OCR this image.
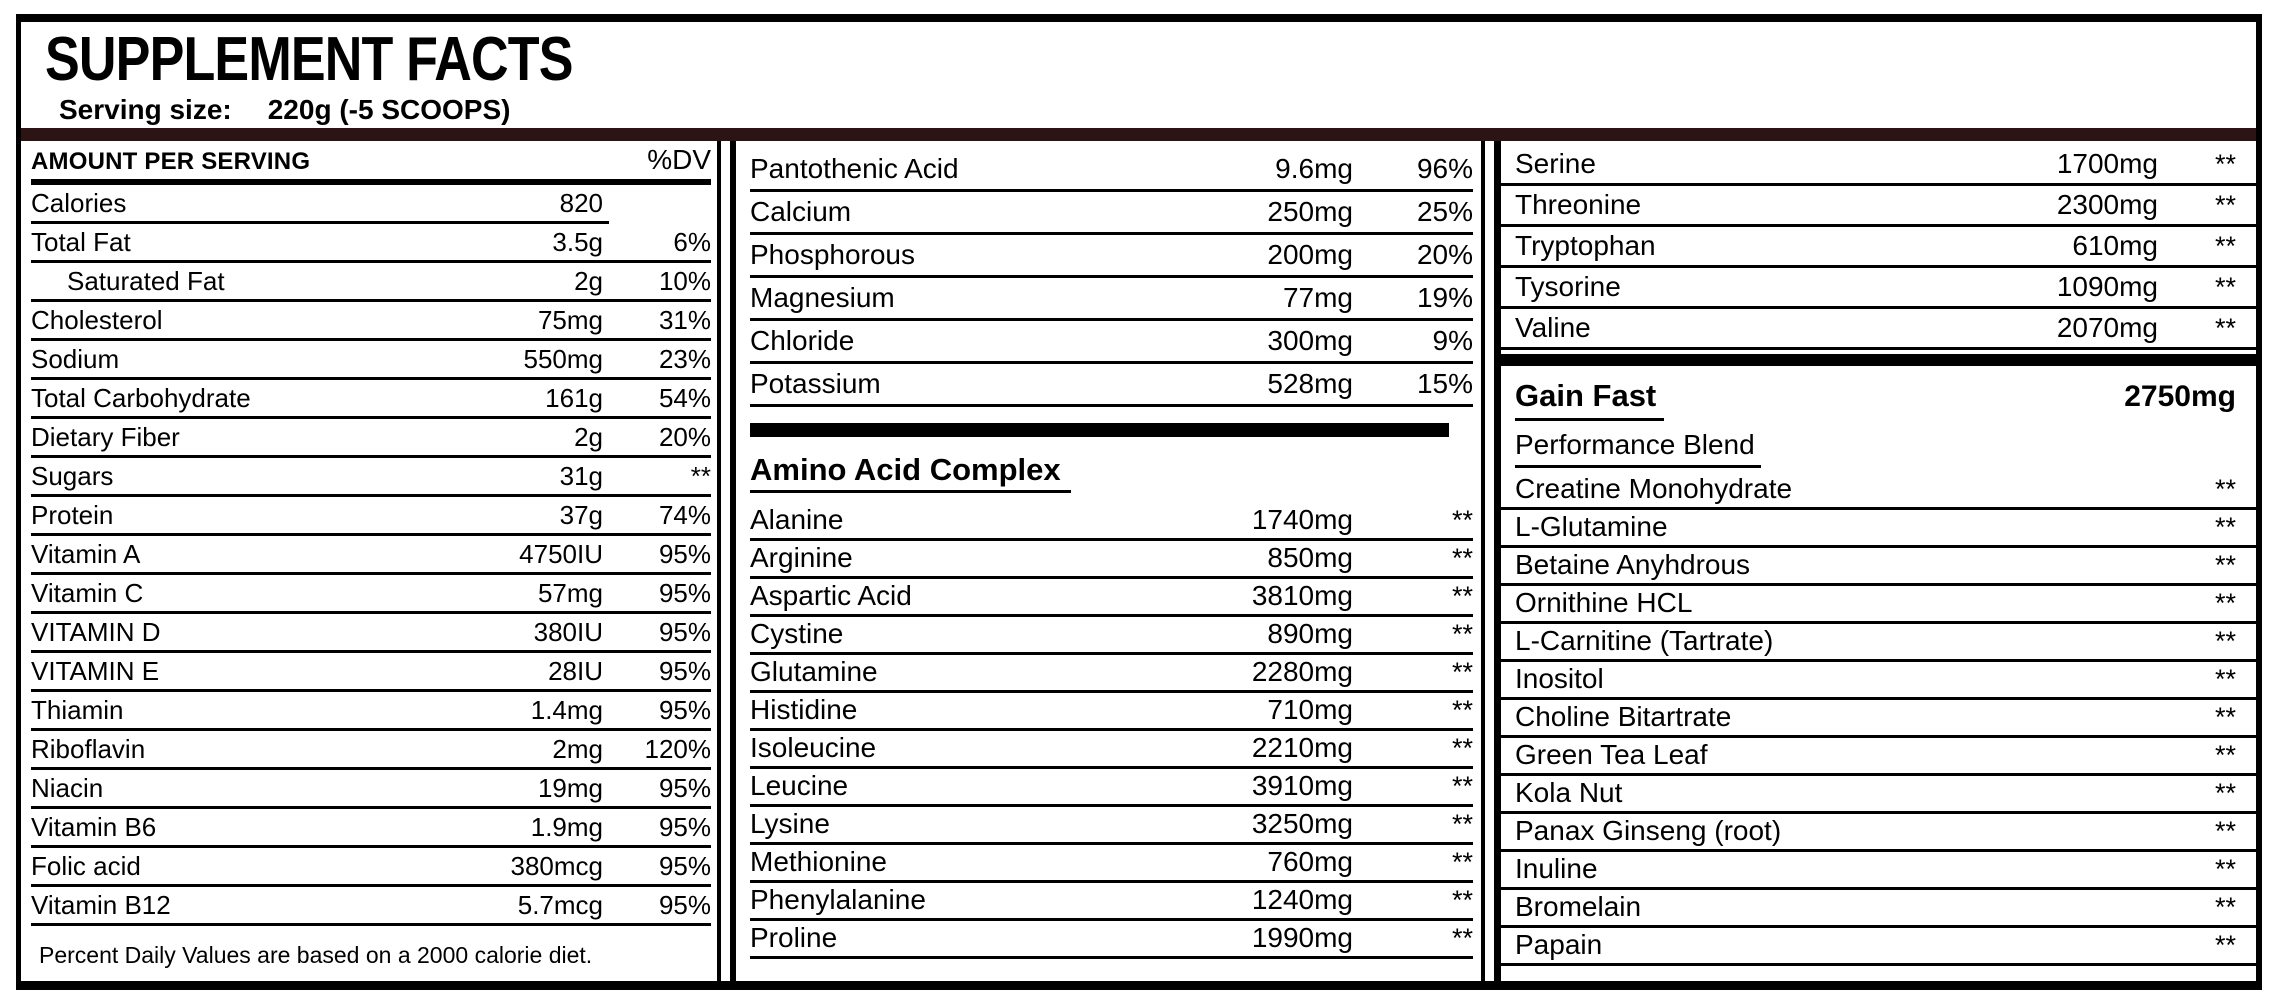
SUPPLEMENT FACTS
Serving size: 220g (-5 SCOOPS)
AMOUNT PER SERVING	%DV
Calories	820
Total Fat	3.5g	6%
Saturated Fat	2g	10%
Cholesterol	75mg	31%
Sodium	550mg	23%
Total Carbohydrate	161g	54%
Dietary Fiber	2g	20%
Sugars	31g	**
Protein	37g	74%
Vitamin A	4750IU	95%
Vitamin C	57mg	95%
VITAMIN D	380IU	95%
VITAMIN E	28IU	95%
Thiamin	1.4mg	95%
Riboflavin	2mg	120%
Niacin	19mg	95%
Vitamin B6	1.9mg	95%
Folic acid	380mcg	95%
Vitamin B12	5.7mcg	95%
Percent Daily Values are based on a 2000 calorie diet.
Pantothenic Acid	9.6mg	96%
Calcium	250mg	25%
Phosphorous	200mg	20%
Magnesium	77mg	19%
Chloride	300mg	9%
Potassium	528mg	15%
Amino Acid Complex
Alanine	1740mg	**
Arginine	850mg	**
Aspartic Acid	3810mg	**
Cystine	890mg	**
Glutamine	2280mg	**
Histidine	710mg	**
Isoleucine	2210mg	**
Leucine	3910mg	**
Lysine	3250mg	**
Methionine	760mg	**
Phenylalanine	1240mg	**
Proline	1990mg	**
Serine	1700mg	**
Threonine	2300mg	**
Tryptophan	610mg	**
Tysorine	1090mg	**
Valine	2070mg	**
Gain Fast	2750mg
Performance Blend
Creatine Monohydrate	**
L-Glutamine	**
Betaine Anyhdrous	**
Ornithine HCL	**
L-Carnitine (Tartrate)	**
Inositol	**
Choline Bitartrate	**
Green Tea Leaf	**
Kola Nut	**
Panax Ginseng (root)	**
Inuline	**
Bromelain	**
Papain	**
